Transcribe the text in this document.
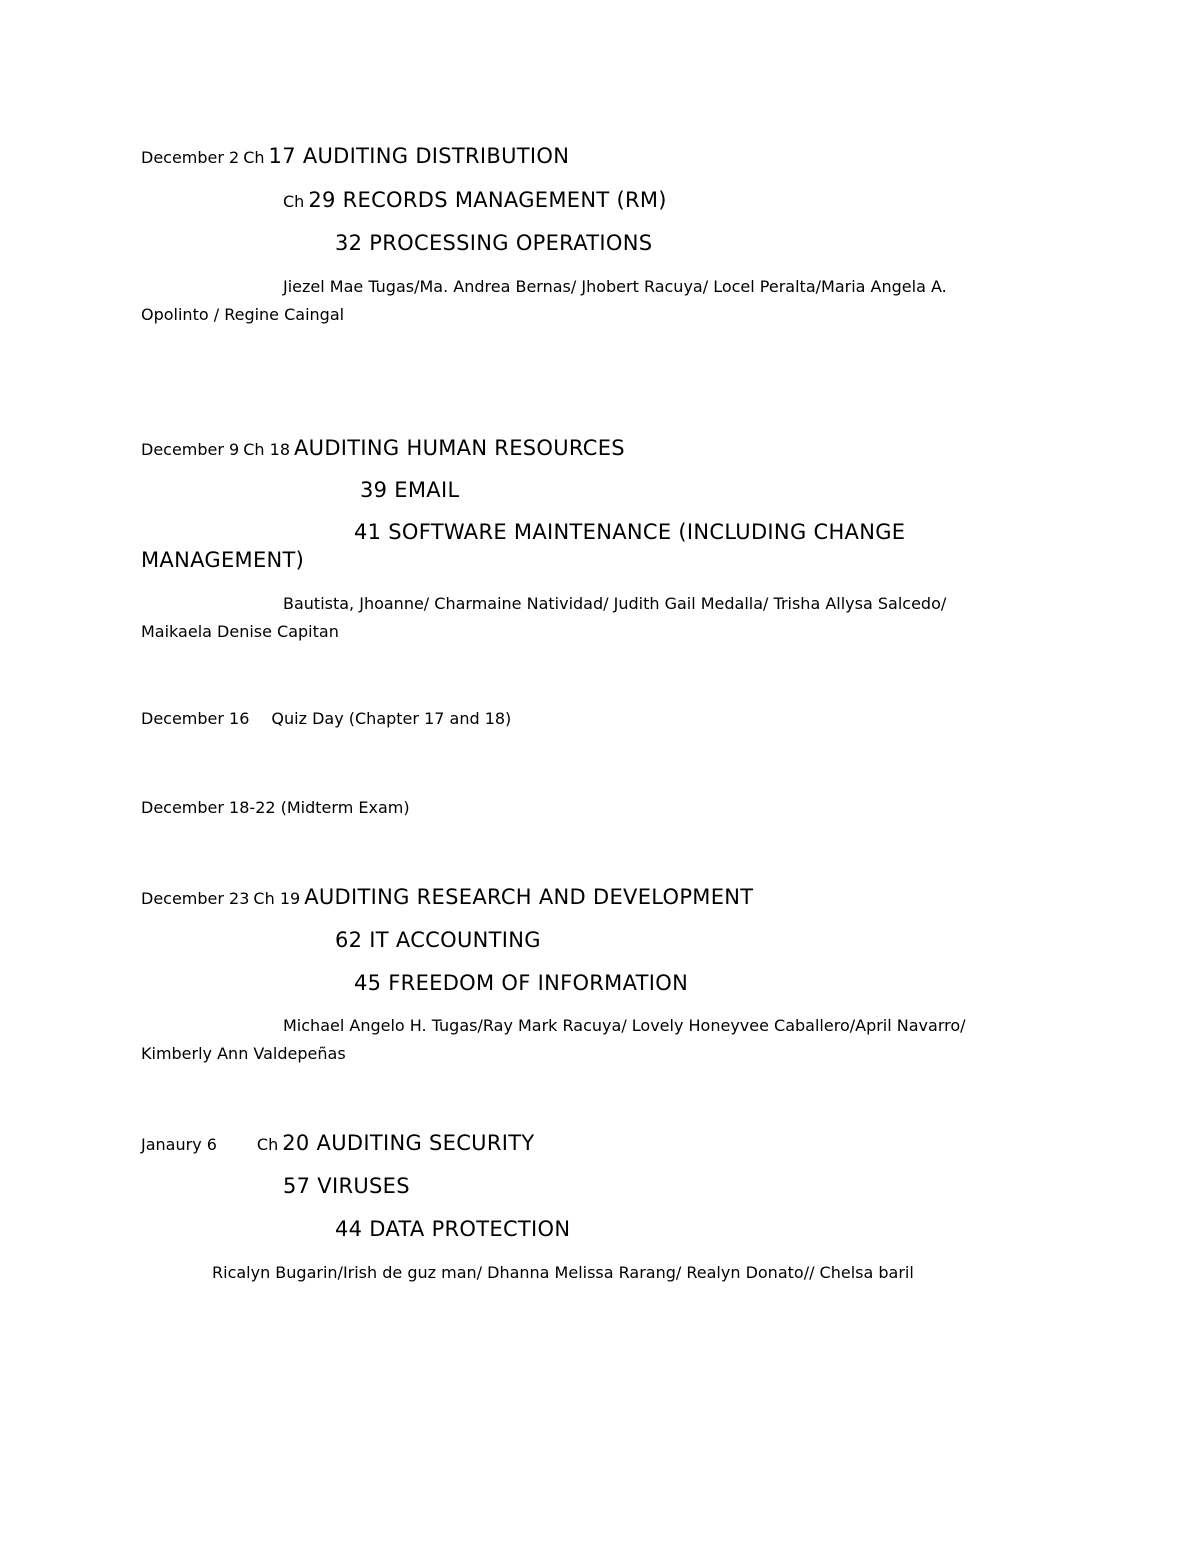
December 2 Ch 17 AUDITING DISTRIBUTION
Ch 29 RECORDS MANAGEMENT (RM)
32 PROCESSING OPERATIONS
Jiezel Mae Tugas/Ma. Andrea Bernas/ Jhobert Racuya/ Locel Peralta/Maria Angela A.
Opolinto / Regine Caingal
December 9 Ch 18 AUDITING HUMAN RESOURCES
39 EMAIL
41 SOFTWARE MAINTENANCE (INCLUDING CHANGE
MANAGEMENT)
Bautista, Jhoanne/ Charmaine Natividad/ Judith Gail Medalla/ Trisha Allysa Salcedo/
Maikaela Denise Capitan
December 16 Quiz Day (Chapter 17 and 18)
December 18-22 (Midterm Exam)
December 23 Ch 19 AUDITING RESEARCH AND DEVELOPMENT
62 IT ACCOUNTING
45 FREEDOM OF INFORMATION
Michael Angelo H. Tugas/Ray Mark Racuya/ Lovely Honeyvee Caballero/April Navarro/
Kimberly Ann Valdepeñas
Janaury 6	Ch 20 AUDITING SECURITY
57 VIRUSES
44 DATA PROTECTION
Ricalyn Bugarin/Irish de guz man/ Dhanna Melissa Rarang/ Realyn Donato// Chelsa baril
